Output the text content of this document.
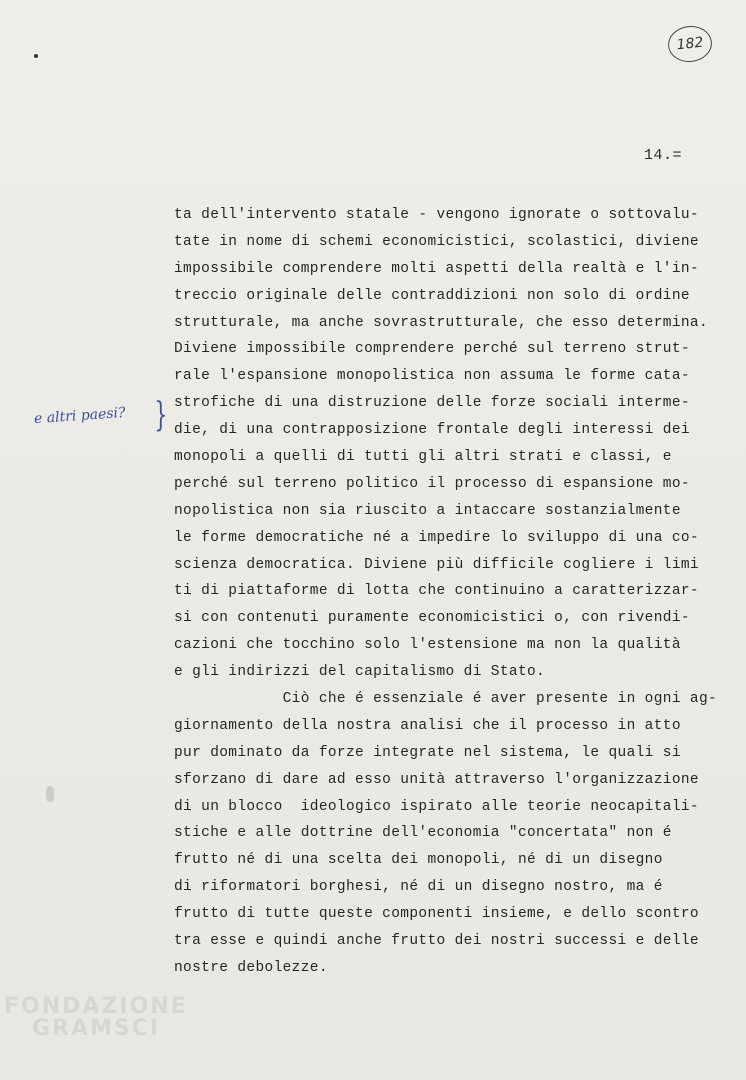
182
14.=
e altri paesi? }
ta dell'intervento statale - vengono ignorate o sottovalu-
tate in nome di schemi economicistici, scolastici, diviene
impossibile comprendere molti aspetti della realtà e l'in-
treccio originale delle contraddizioni non solo di ordine
strutturale, ma anche sovrastrutturale, che esso determina.
Diviene impossibile comprendere perché sul terreno strut-
rale l'espansione monopolistica non assuma le forme cata-
strofiche di una distruzione delle forze sociali interme-
die, di una contrapposizione frontale degli interessi dei
monopoli a quelli di tutti gli altri strati e classi, e
perché sul terreno politico il processo di espansione mo-
nopolistica non sia riuscito a intaccare sostanzialmente
le forme democratiche né a impedire lo sviluppo di una co-
scienza democratica. Diviene più difficile cogliere i limi
ti di piattaforme di lotta che continuino a caratterizzar-
si con contenuti puramente economicistici o, con rivendi-
cazioni che tocchino solo l'estensione ma non la qualità
e gli indirizzi del capitalismo di Stato.
Ciò che é essenziale é aver presente in ogni ag-
giornamento della nostra analisi che il processo in atto
pur dominato da forze integrate nel sistema, le quali si
sforzano di dare ad esso unità attraverso l'organizzazione
di un blocco  ideologico ispirato alle teorie neocapitali-
stiche e alle dottrine dell'economia "concertata" non é
frutto né di una scelta dei monopoli, né di un disegno
di riformatori borghesi, né di un disegno nostro, ma é
frutto di tutte queste componenti insieme, e dello scontro
tra esse e quindi anche frutto dei nostri successi e delle
nostre debolezze.
FONDAZIONE
GRAMSCI
